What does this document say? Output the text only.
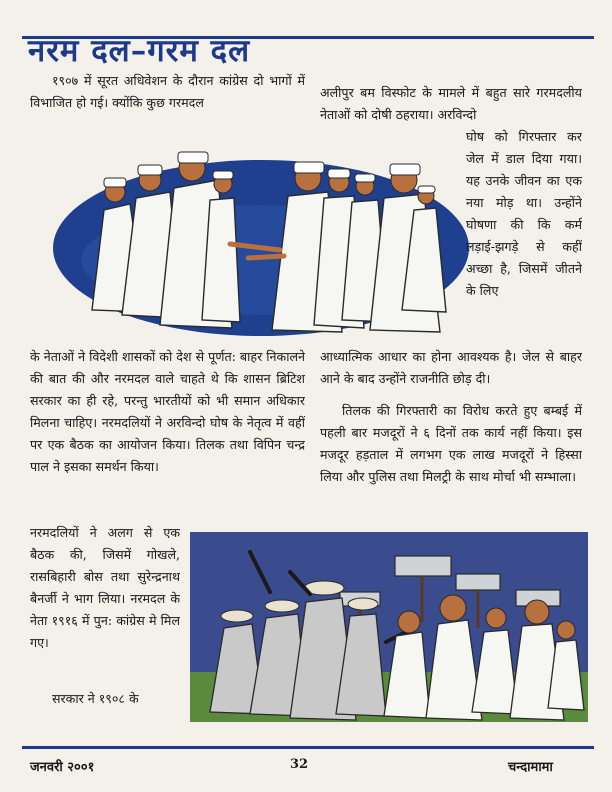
नरम दल–गरम दल

१९०७ में सूरत अधिवेशन के दौरान कांग्रेस दो भागों में विभाजित हो गई। क्योंकि कुछ गरमदल

के नेताओं ने विदेशी शासकों को देश से पूर्णत: बाहर निकालने की बात की और नरमदल वाले चाहते थे कि शासन ब्रिटिश सरकार का ही रहे, परन्तु भारतीयों को भी समान अधिकार मिलना चाहिए। नरमदलियों ने अरविन्दो घोष के नेतृत्व में वहीं पर एक बैठक का आयोजन किया। तिलक तथा विपिन चन्द्र पाल ने इसका समर्थन किया।

नरमदलियों ने अलग से एक बैठक की, जिसमें गोखले, रासबिहारी बोस तथा सुरेन्द्रनाथ बैनर्जी ने भाग लिया। नरमदल के नेता १९१६ में पुन: कांग्रेस मे मिल गए।

सरकार ने १९०८ के

अलीपुर बम विस्फोट के मामले में बहुत सारे गरमदलीय नेताओं को दोषी ठहराया। अरविन्दो

घोष को गिरफ्तार कर जेल में डाल दिया गया। यह उनके जीवन का एक नया मोड़ था। उन्होंने घोषणा की कि कर्म लड़ाई-झगड़े से कहीं अच्छा है, जिसमें जीतने के लिए

आध्यात्मिक आधार का होना आवश्यक है। जेल से बाहर आने के बाद उन्होंने राजनीति छोड़ दी।

तिलक की गिरफ्तारी का विरोध करते हुए बम्बई में पहली बार मजदूरों ने ६ दिनों तक कार्य नहीं किया। इस मजदूर हड़ताल में लगभग एक लाख मजदूरों ने हिस्सा लिया और पुलिस तथा मिलट्री के साथ मोर्चा भी सम्भाला।

जनवरी २००१	32	चन्दामामा
